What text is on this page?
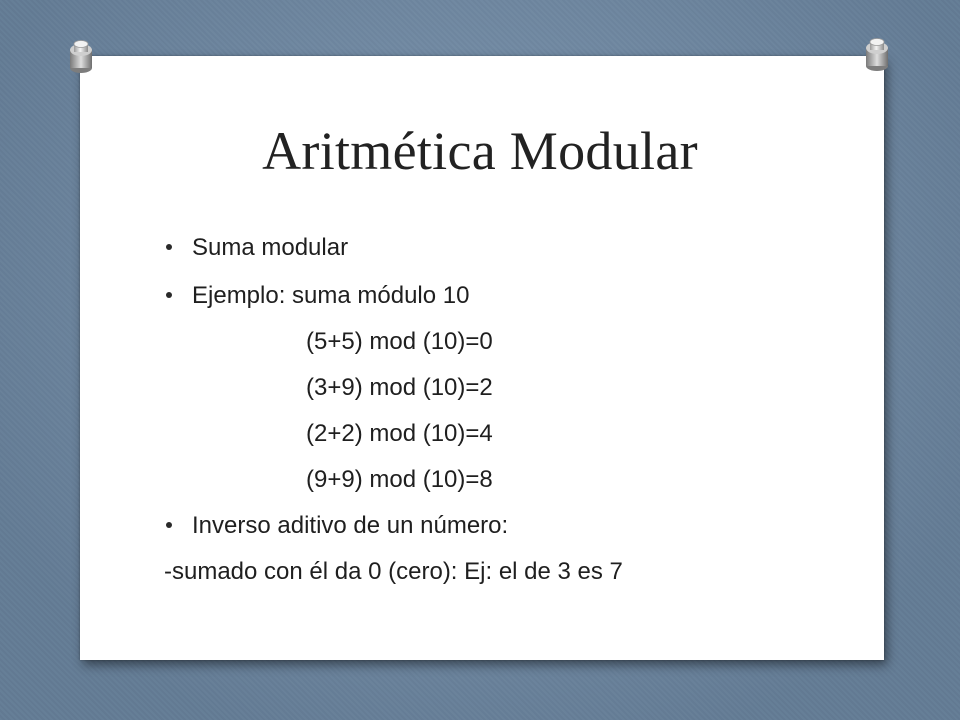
Aritmética Modular
Suma modular
Ejemplo: suma módulo 10
(5+5) mod (10)=0
(3+9) mod (10)=2
(2+2) mod (10)=4
(9+9) mod (10)=8
Inverso aditivo de un número:
-sumado con él da 0 (cero): Ej: el de 3 es 7
